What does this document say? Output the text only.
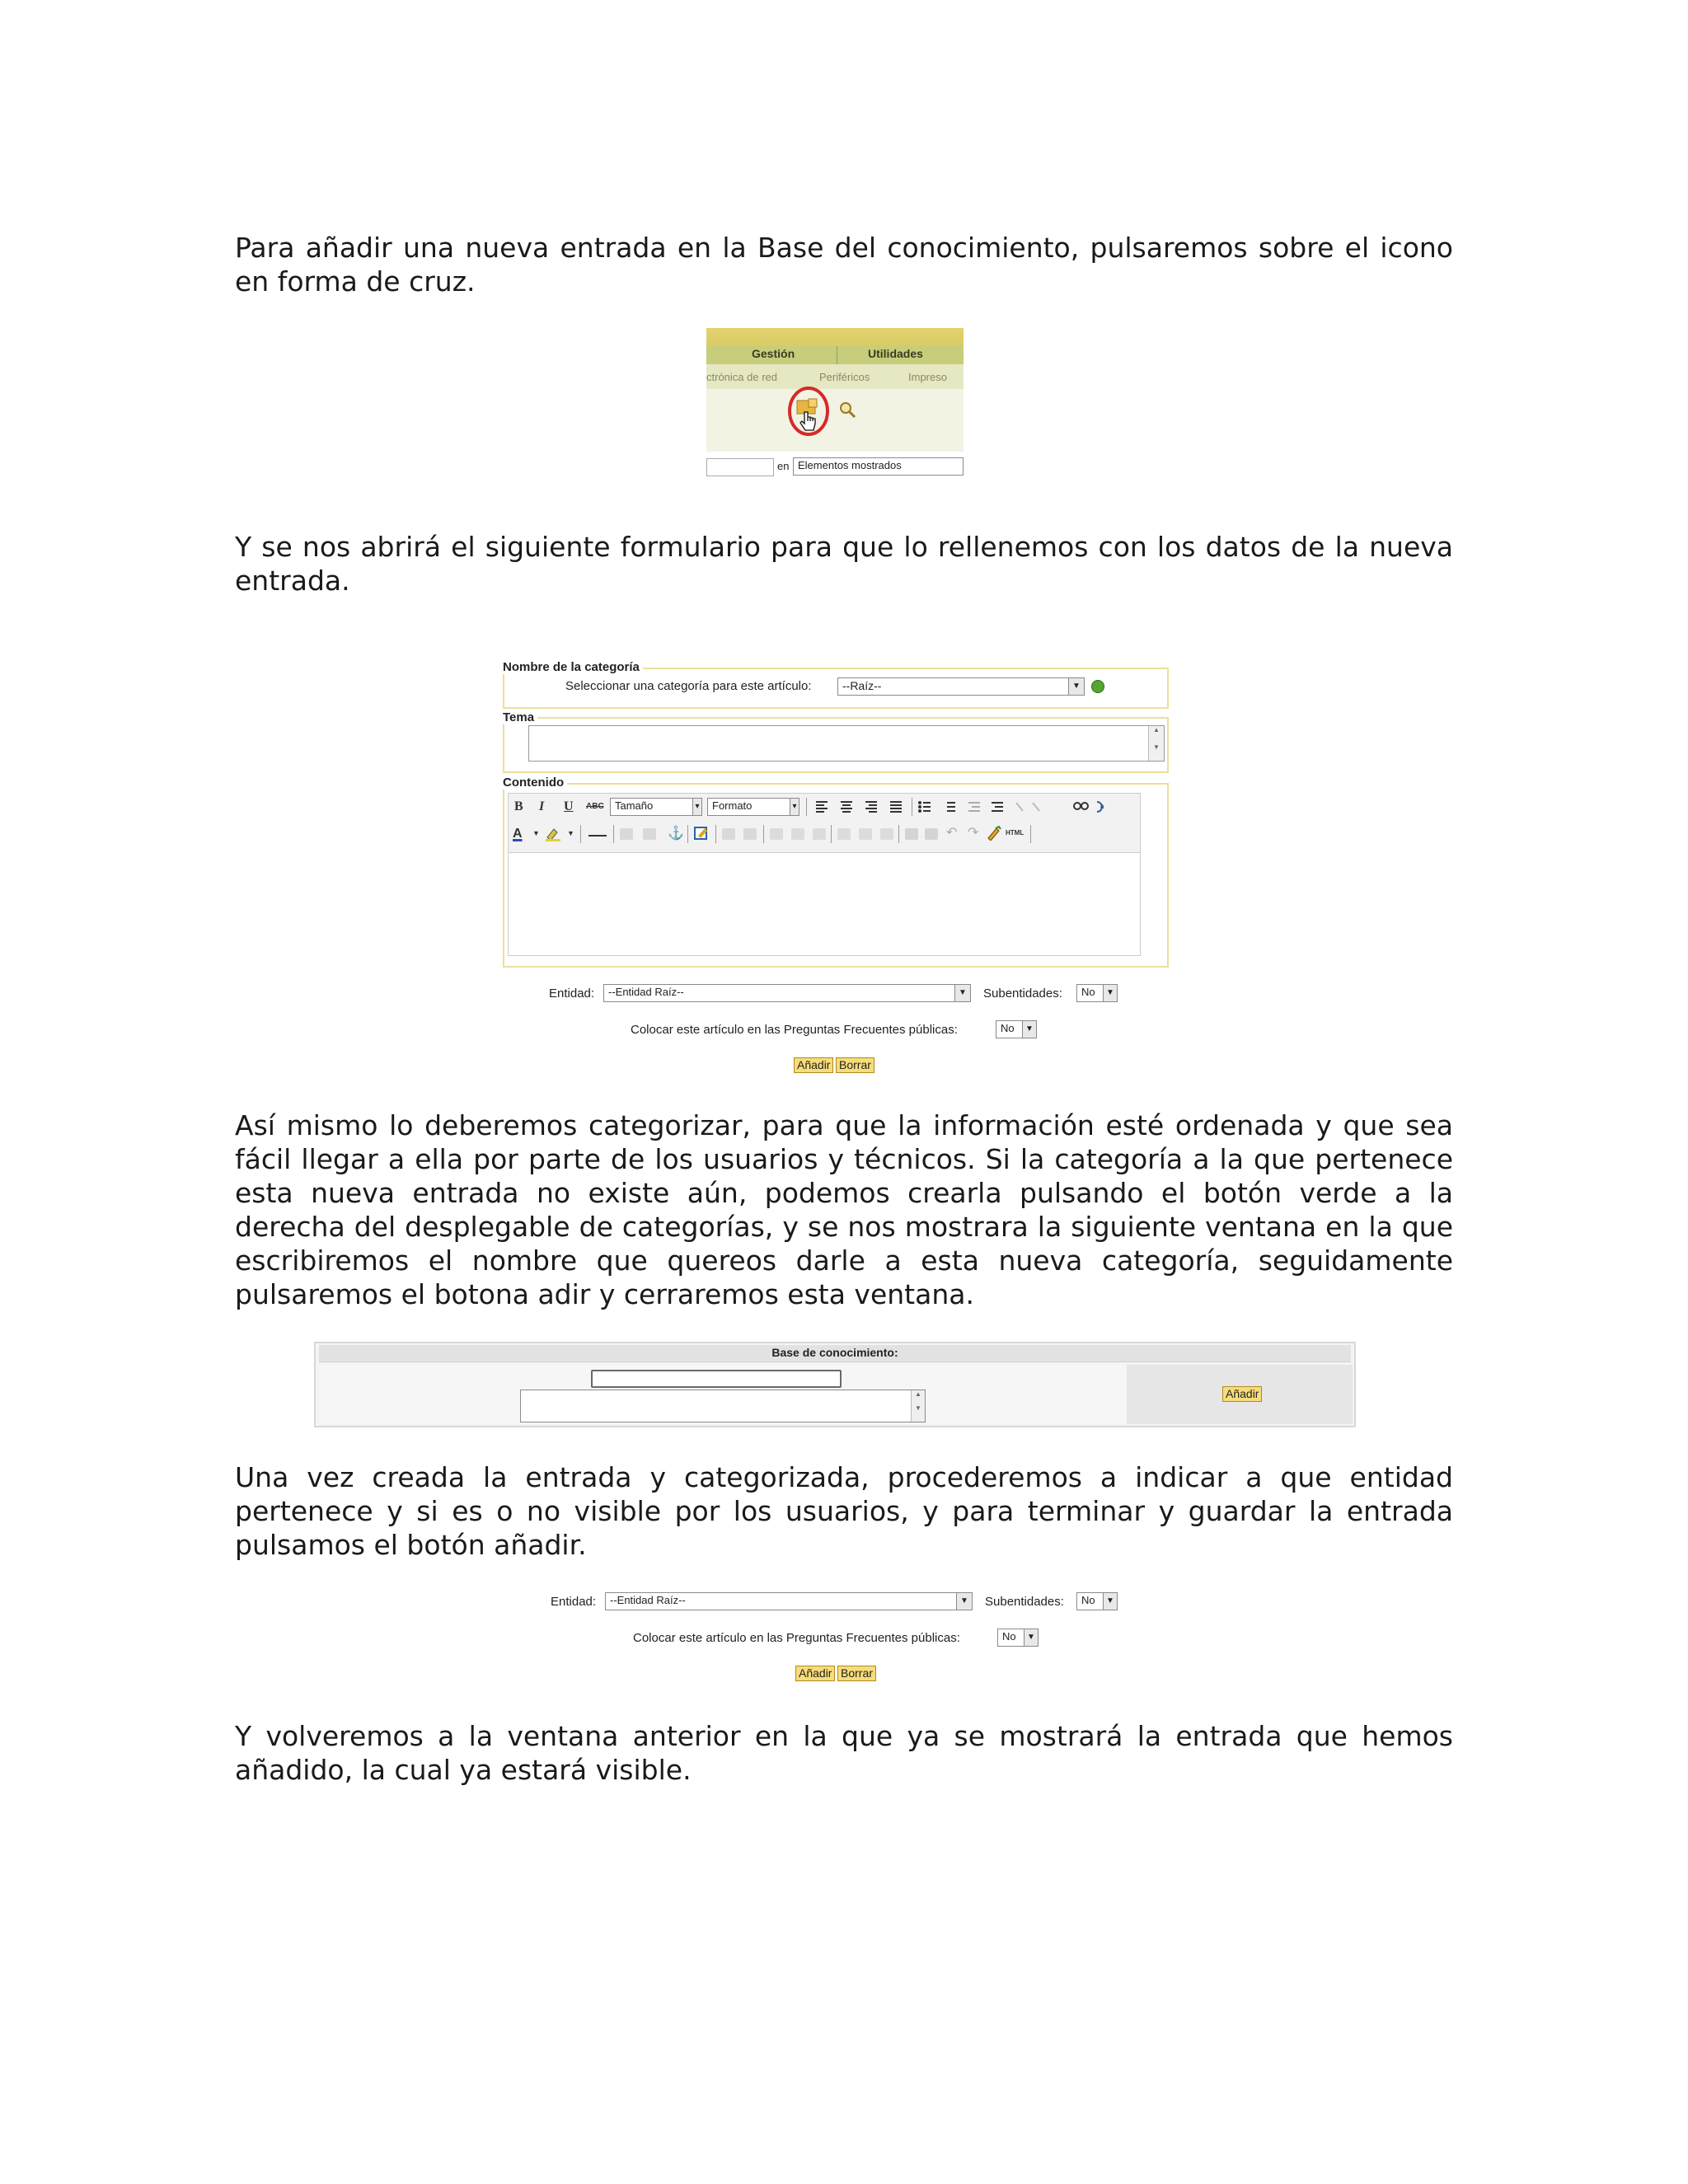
Para añadir una nueva entrada en la Base del conocimiento, pulsaremos sobre el icono en forma de cruz.

Gestión	Utilidades
ctrónica de red	Periféricos	Impreso
en Elementos mostrados

Y se nos abrirá el siguiente formulario para que lo rellenemos con los datos de la nueva entrada.

Nombre de la categoría
Seleccionar una categoría para este artículo:	--Raíz--	▼
Tema
▲
▼
Contenido
B I U ABC	Tamaño	▾	Formato	▾	a
A ▼	▼	⚓	↶ ↷	HTML
Entidad:	--Entidad Raíz--	▼ Subentidades:	No	▼
Colocar este artículo en las Preguntas Frecuentes públicas:	No	▼
Añadir Borrar

Así mismo lo deberemos categorizar, para que la información esté ordenada y que sea fácil llegar a ella por parte de los usuarios y técnicos. Si la categoría a la que pertenece esta nueva entrada no existe aún, podemos crearla pulsando el botón verde a la derecha del desplegable de categorías, y se nos mostrara la siguiente ventana en la que escribiremos el nombre que quereos darle a esta nueva categoría, seguidamente pulsaremos el botona adir y cerraremos esta ventana.

Base de conocimiento:
▲
▼
Añadir

Una vez creada la entrada y categorizada, procederemos a indicar a que entidad pertenece y si es o no visible por los usuarios, y para terminar y guardar la entrada pulsamos el botón añadir.

Entidad:	--Entidad Raíz--	▼ Subentidades:	No	▼
Colocar este artículo en las Preguntas Frecuentes públicas:	No	▼
Añadir Borrar

Y volveremos a la ventana anterior en la que ya se mostrará la entrada que hemos añadido, la cual ya estará visible.
